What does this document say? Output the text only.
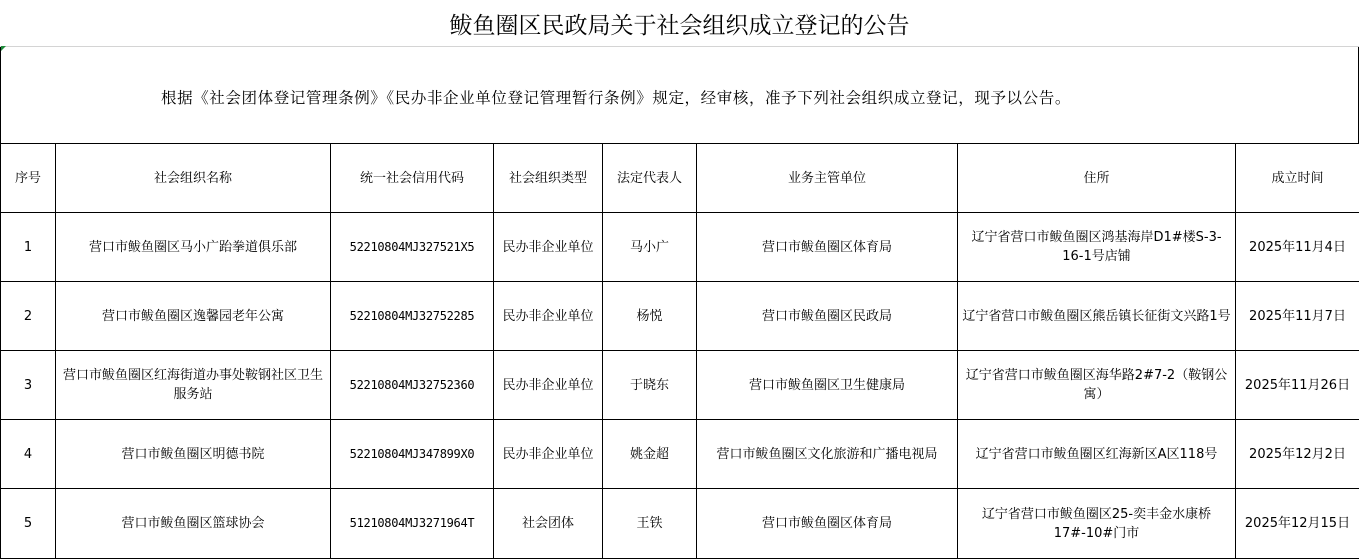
鲅鱼圈区民政局关于社会组织成立登记的公告
根据《社会团体登记管理条例》《民办非企业单位登记管理暂行条例》规定，经审核，准予下列社会组织成立登记，现予以公告。
序号	社会组织名称	统一社会信用代码	社会组织类型	法定代表人	业务主管单位	住所	成立时间
1	营口市鲅鱼圈区马小广跆拳道俱乐部	52210804MJ327521X5	民办非企业单位	马小广	营口市鲅鱼圈区体育局	辽宁省营口市鲅鱼圈区鸿基海岸D1#楼S-3-16-1号店铺	2025年11月4日
2	营口市鲅鱼圈区逸馨园老年公寓	52210804MJ32752285	民办非企业单位	杨悦	营口市鲅鱼圈区民政局	辽宁省营口市鲅鱼圈区熊岳镇长征街文兴路1号	2025年11月7日
3	营口市鲅鱼圈区红海街道办事处鞍钢社区卫生服务站	52210804MJ32752360	民办非企业单位	于晓东	营口市鲅鱼圈区卫生健康局	辽宁省营口市鲅鱼圈区海华路2#7-2（鞍钢公寓）	2025年11月26日
4	营口市鲅鱼圈区明德书院	52210804MJ347899X0	民办非企业单位	姚金超	营口市鲅鱼圈区文化旅游和广播电视局	辽宁省营口市鲅鱼圈区红海新区A区118号	2025年12月2日
5	营口市鲅鱼圈区篮球协会	51210804MJ3271964T	社会团体	王铁	营口市鲅鱼圈区体育局	辽宁省营口市鲅鱼圈区25-奕丰金水康桥17#-10#门市	2025年12月15日
